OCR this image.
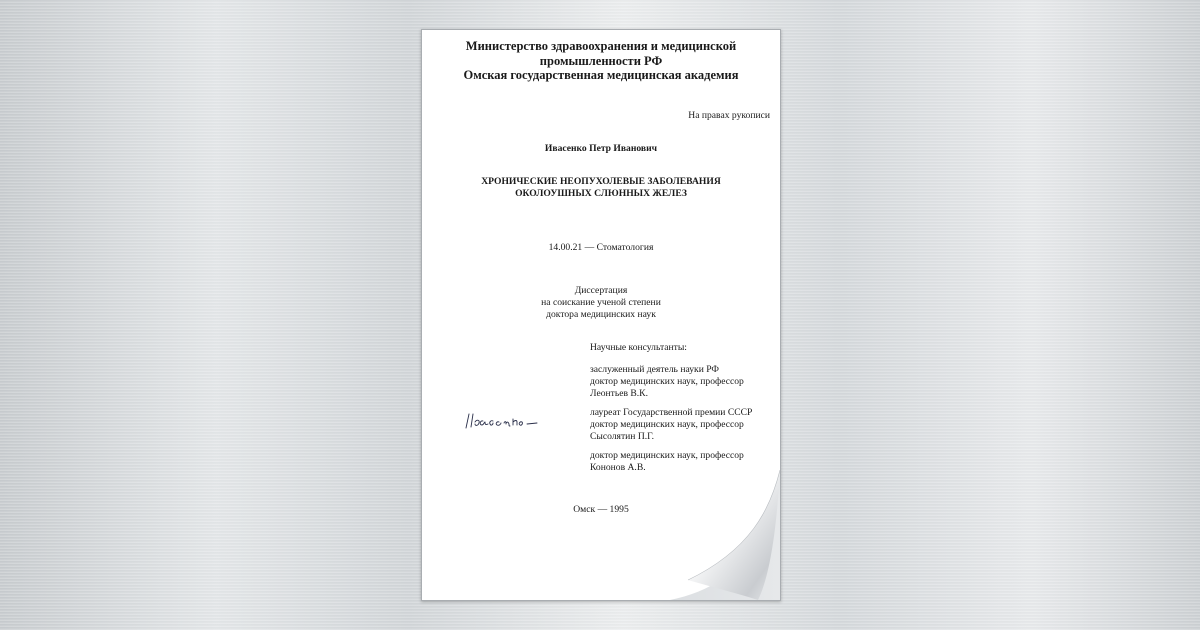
Министерство здравоохранения и медицинской

промышленности РФ

Омская государственная медицинская академия

На правах рукописи

Ивасенко Петр Иванович

ХРОНИЧЕСКИЕ НЕОПУХОЛЕВЫЕ ЗАБОЛЕВАНИЯ

ОКОЛОУШНЫХ СЛЮННЫХ ЖЕЛЕЗ

14.00.21 — Стоматология

Диссертация

на соискание ученой степени

доктора медицинских наук

Научные консультанты:

заслуженный деятель науки РФ

доктор медицинских наук, профессор

Леонтьев В.К.

лауреат Государственной премии СССР

доктор медицинских наук, профессор

Сысолятин П.Г.

доктор медицинских наук, профессор

Кононов А.В.

Омск — 1995
